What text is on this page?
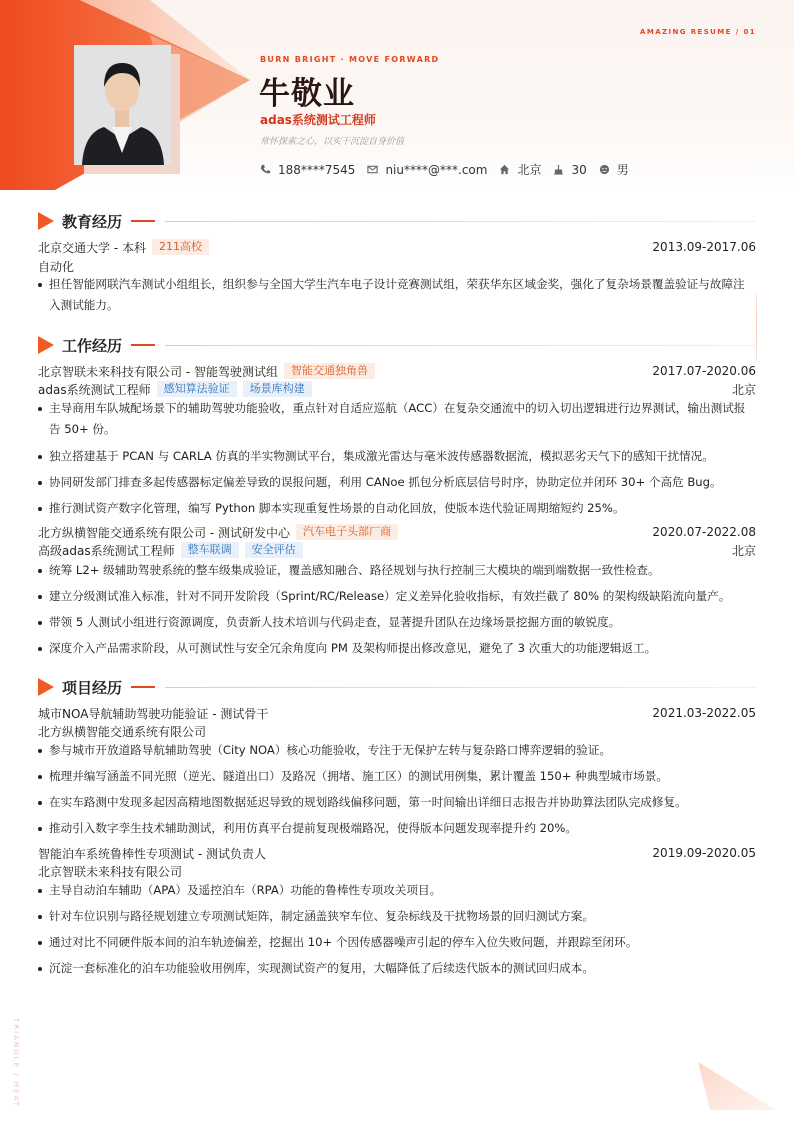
AMAZING RESUME / 01
BURN BRIGHT · MOVE FORWARD
牛敬业
adas系统测试工程师
常怀探索之心，以实干沉淀自身价值
188****7545	niu****@***.com	北京	30	男
教育经历
北京交通大学 - 本科	211高校	2013.09-2017.06
自动化
担任智能网联汽车测试小组组长，组织参与全国大学生汽车电子设计竞赛测试组，荣获华东区域金奖，强化了复杂场景覆盖验证与故障注入测试能力。
工作经历
北京智联未来科技有限公司 - 智能驾驶测试组	智能交通独角兽	2017.07-2020.06
adas系统测试工程师	感知算法验证	场景库构建	北京
主导商用车队城配场景下的辅助驾驶功能验收，重点针对自适应巡航（ACC）在复杂交通流中的切入切出逻辑进行边界测试，输出测试报告 50+ 份。
独立搭建基于 PCAN 与 CARLA 仿真的半实物测试平台，集成激光雷达与毫米波传感器数据流，模拟恶劣天气下的感知干扰情况。
协同研发部门排查多起传感器标定偏差导致的误报问题，利用 CANoe 抓包分析底层信号时序，协助定位并闭环 30+ 个高危 Bug。
推行测试资产数字化管理，编写 Python 脚本实现重复性场景的自动化回放，使版本迭代验证周期缩短约 25%。
北方纵横智能交通系统有限公司 - 测试研发中心	汽车电子头部厂商	2020.07-2022.08
高级adas系统测试工程师	整车联调	安全评估	北京
统筹 L2+ 级辅助驾驶系统的整车级集成验证，覆盖感知融合、路径规划与执行控制三大模块的端到端数据一致性检查。
建立分级测试准入标准，针对不同开发阶段（Sprint/RC/Release）定义差异化验收指标，有效拦截了 80% 的架构级缺陷流向量产。
带领 5 人测试小组进行资源调度，负责新人技术培训与代码走查，显著提升团队在边缘场景挖掘方面的敏锐度。
深度介入产品需求阶段，从可测试性与安全冗余角度向 PM 及架构师提出修改意见，避免了 3 次重大的功能逻辑返工。
项目经历
城市NOA导航辅助驾驶功能验证 - 测试骨干	2021.03-2022.05
北方纵横智能交通系统有限公司
参与城市开放道路导航辅助驾驶（City NOA）核心功能验收，专注于无保护左转与复杂路口博弈逻辑的验证。
梳理并编写涵盖不同光照（逆光、隧道出口）及路况（拥堵、施工区）的测试用例集，累计覆盖 150+ 种典型城市场景。
在实车路测中发现多起因高精地图数据延迟导致的规划路线偏移问题，第一时间输出详细日志报告并协助算法团队完成修复。
推动引入数字孪生技术辅助测试，利用仿真平台提前复现极端路况，使得版本问题发现率提升约 20%。
智能泊车系统鲁棒性专项测试 - 测试负责人	2019.09-2020.05
北京智联未来科技有限公司
主导自动泊车辅助（APA）及遥控泊车（RPA）功能的鲁棒性专项攻关项目。
针对车位识别与路径规划建立专项测试矩阵，制定涵盖狭窄车位、复杂标线及干扰物场景的回归测试方案。
通过对比不同硬件版本间的泊车轨迹偏差，挖掘出 10+ 个因传感器噪声引起的停车入位失败问题，并跟踪至闭环。
沉淀一套标准化的泊车功能验收用例库，实现测试资产的复用，大幅降低了后续迭代版本的测试回归成本。
TRIANGLE / HEAT
